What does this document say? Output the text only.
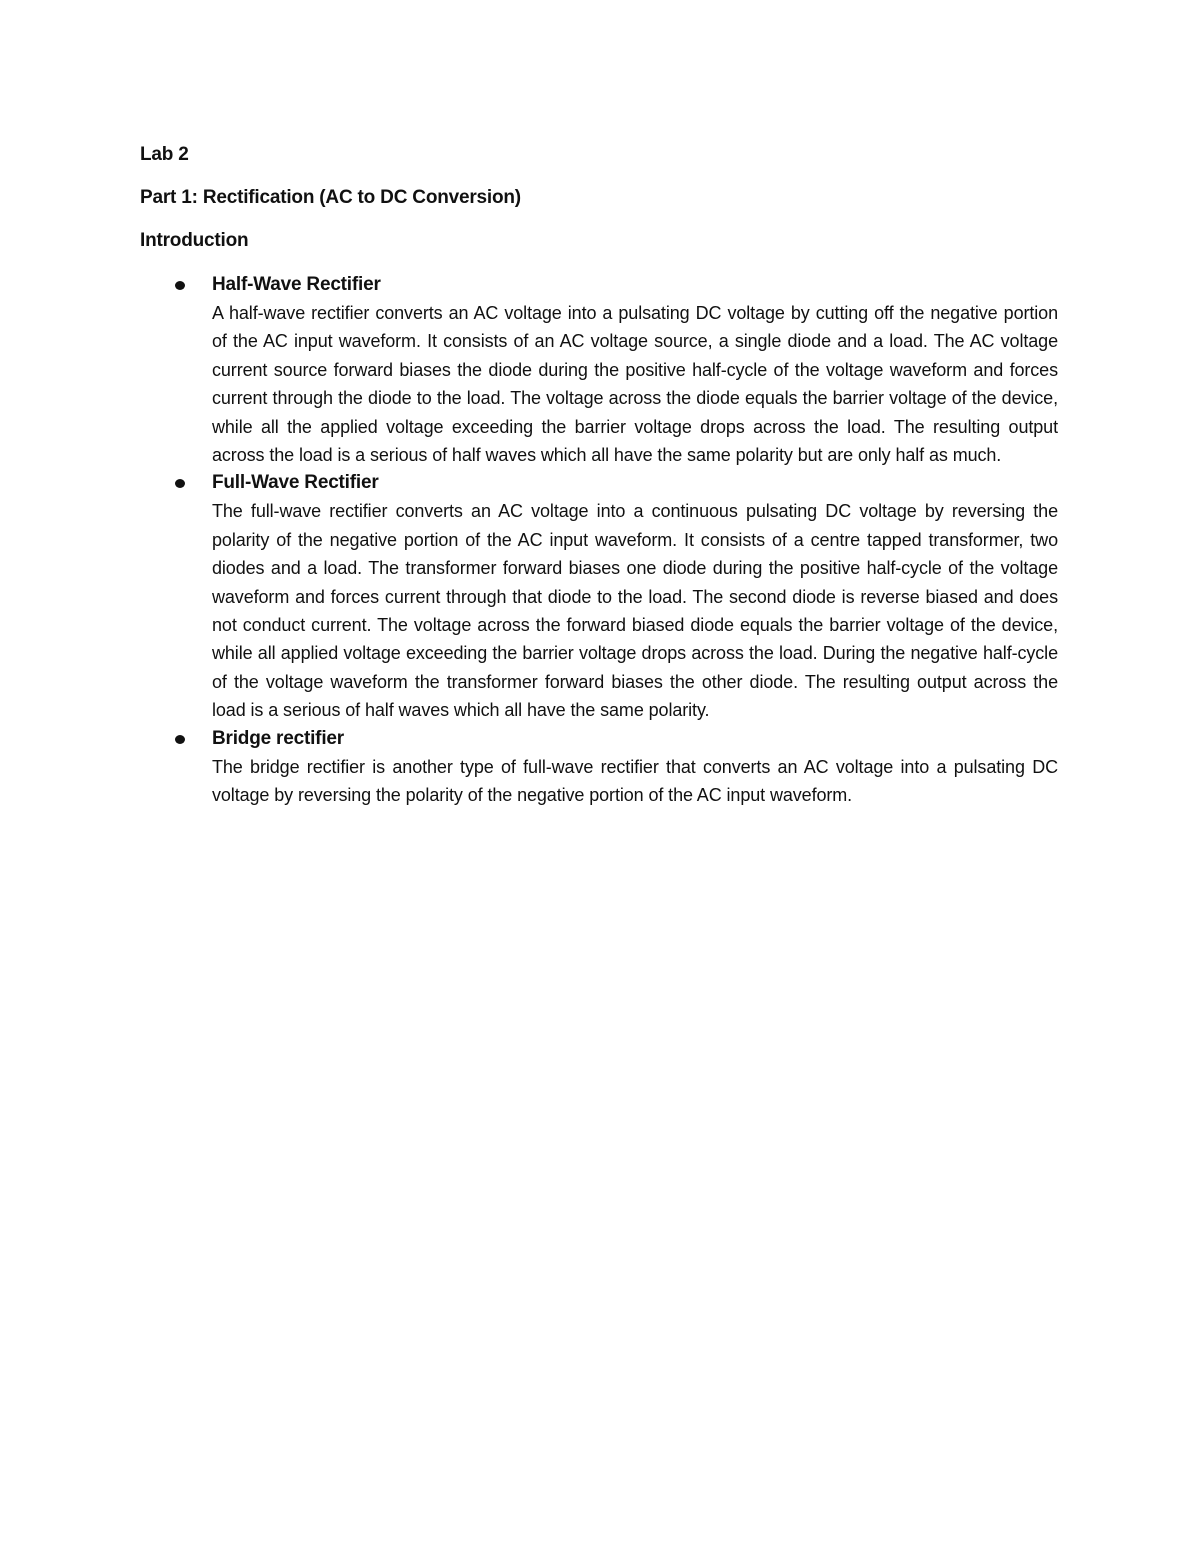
Lab 2

Part 1: Rectification (AC to DC Conversion)

Introduction

Half-Wave Rectifier
A half-wave rectifier converts an AC voltage into a pulsating DC voltage by cutting off the negative portion of the AC input waveform. It consists of an AC voltage source, a single diode and a load. The AC voltage current source forward biases the diode during the positive half-cycle of the voltage waveform and forces current through the diode to the load. The voltage across the diode equals the barrier voltage of the device, while all the applied voltage exceeding the barrier voltage drops across the load. The resulting output across the load is a serious of half waves which all have the same polarity but are only half as much.
Full-Wave Rectifier
The full-wave rectifier converts an AC voltage into a continuous pulsating DC voltage by reversing the polarity of the negative portion of the AC input waveform. It consists of a centre tapped transformer, two diodes and a load. The transformer forward biases one diode during the positive half-cycle of the voltage waveform and forces current through that diode to the load. The second diode is reverse biased and does not conduct current. The voltage across the forward biased diode equals the barrier voltage of the device, while all applied voltage exceeding the barrier voltage drops across the load. During the negative half-cycle of the voltage waveform the transformer forward biases the other diode. The resulting output across the load is a serious of half waves which all have the same polarity.
Bridge rectifier
The bridge rectifier is another type of full-wave rectifier that converts an AC voltage into a pulsating DC voltage by reversing the polarity of the negative portion of the AC input waveform.
